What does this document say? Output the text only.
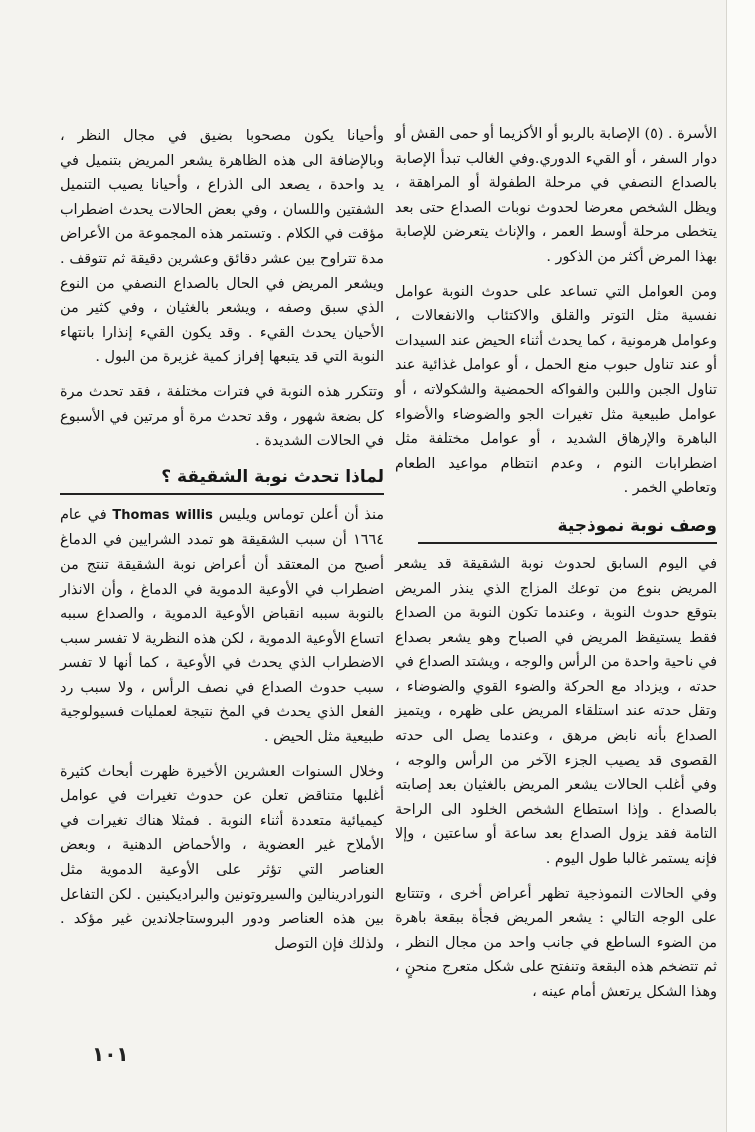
الأسرة . (٥) الإصابة بالربو أو الأكزيما أو حمى القش أو دوار السفر ، أو القيء الدوري.وفي الغالب تبدأ الإصابة بالصداع النصفي في مرحلة الطفولة أو المراهقة ، ويظل الشخص معرضا لحدوث نوبات الصداع حتى بعد يتخطى مرحلة أوسط العمر ، والإناث يتعرضن للإصابة بهذا المرض أكثر من الذكور .

ومن العوامل التي تساعد على حدوث النوبة عوامل نفسية مثل التوتر والقلق والاكتئاب والانفعالات ، وعوامل هرمونية ، كما يحدث أثناء الحيض عند السيدات أو عند تناول حبوب منع الحمل ، أو عوامل غذائية عند تناول الجبن واللبن والفواكه الحمضية والشكولاته ، أو عوامل طبيعية مثل تغيرات الجو والضوضاء والأضواء الباهرة والإرهاق الشديد ، أو عوامل مختلفة مثل اضطرابات النوم ، وعدم انتظام مواعيد الطعام وتعاطي الخمر .

وصف نوبة نموذجية

في اليوم السابق لحدوث نوبة الشقيقة قد يشعر المريض بنوع من توعك المزاج الذي ينذر المريض بتوقع حدوث النوبة ، وعندما تكون النوبة من الصداع فقط يستيقظ المريض في الصباح وهو يشعر بصداع في ناحية واحدة من الرأس والوجه ، ويشتد الصداع في حدته ، ويزداد مع الحركة والضوء القوي والضوضاء ، وتقل حدته عند استلقاء المريض على ظهره ، ويتميز الصداع بأنه نابض مرهق ، وعندما يصل الى حدته القصوى قد يصيب الجزء الآخر من الرأس والوجه ، وفي أغلب الحالات يشعر المريض بالغثيان بعد إصابته بالصداع . وإذا استطاع الشخص الخلود الى الراحة التامة فقد يزول الصداع بعد ساعة أو ساعتين ، وإلا فإنه يستمر غالبا طول اليوم .

وفي الحالات النموذجية تظهر أعراض أخرى ، وتتتابع على الوجه التالي : يشعر المريض فجأة ببقعة باهرة من الضوء الساطع في جانب واحد من مجال النظر ، ثم تتضخم هذه البقعة وتنفتح على شكل متعرج منحنٍ ، وهذا الشكل يرتعش أمام عينه ،

وأحيانا يكون مصحوبا بضيق في مجال النظر ، وبالإضافة الى هذه الظاهرة يشعر المريض بتنميل في يد واحدة ، يصعد الى الذراع ، وأحيانا يصيب التنميل الشفتين واللسان ، وفي بعض الحالات يحدث اضطراب مؤقت في الكلام . وتستمر هذه المجموعة من الأعراض مدة تتراوح بين عشر دقائق وعشرين دقيقة ثم تتوقف . ويشعر المريض في الحال بالصداع النصفي من النوع الذي سبق وصفه ، ويشعر بالغثيان ، وفي كثير من الأحيان يحدث القيء . وقد يكون القيء إنذارا بانتهاء النوبة التي قد يتبعها إفراز كمية غزيرة من البول .

وتتكرر هذه النوبة في فترات مختلفة ، فقد تحدث مرة كل بضعة شهور ، وقد تحدث مرة أو مرتين في الأسبوع في الحالات الشديدة .

لماذا تحدث نوبة الشقيقة ؟

منذ أن أعلن توماس ويليس Thomas willis في عام ١٦٦٤ أن سبب الشقيقة هو تمدد الشرايين في الدماغ أصبح من المعتقد أن أعراض نوبة الشقيقة تنتج من اضطراب في الأوعية الدموية في الدماغ ، وأن الانذار بالنوبة سببه انقباض الأوعية الدموية ، والصداع سببه اتساع الأوعية الدموية ، لكن هذه النظرية لا تفسر سبب الاضطراب الذي يحدث في الأوعية ، كما أنها لا تفسر سبب حدوث الصداع في نصف الرأس ، ولا سبب رد الفعل الذي يحدث في المخ نتيجة لعمليات فسيولوجية طبيعية مثل الحيض .

وخلال السنوات العشرين الأخيرة ظهرت أبحاث كثيرة أغلبها متناقض تعلن عن حدوث تغيرات في عوامل كيميائية متعددة أثناء النوبة . فمثلا هناك تغيرات في الأملاح غير العضوية ، والأحماض الدهنية ، وبعض العناصر التي تؤثر على الأوعية الدموية مثل النورادرينالين والسيروتونين والبراديكينين . لكن التفاعل بين هذه العناصر ودور البروستاجلاندين غير مؤكد . ولذلك فإن التوصل

١٠١
